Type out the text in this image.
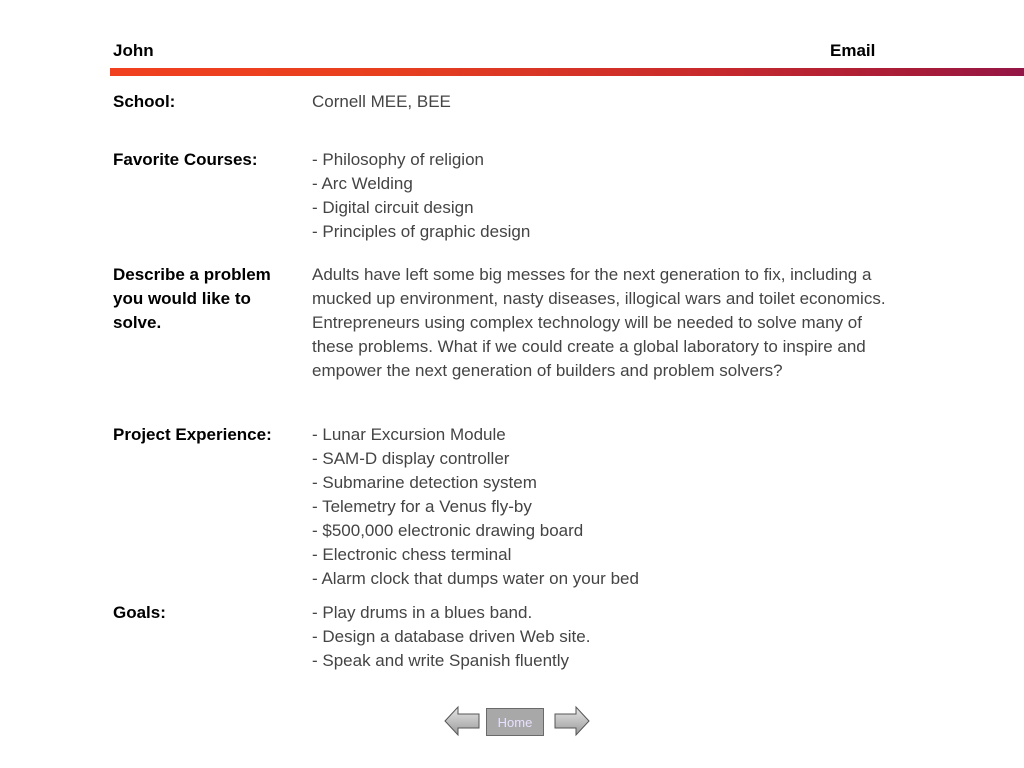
John	Email
School:	Cornell MEE, BEE
Favorite Courses:	- Philosophy of religion
- Arc Welding
- Digital circuit design
- Principles of graphic design
Describe a problem you would like to solve.
Adults have left some big messes for the next generation to fix, including a mucked up environment, nasty diseases, illogical wars and toilet economics. Entrepreneurs using complex technology will be needed to solve many of these problems. What if we could create a global laboratory to inspire and empower the next generation of builders and problem solvers?
Project Experience:	- Lunar Excursion Module
- SAM-D display controller
- Submarine detection system
- Telemetry for a Venus fly-by
- $500,000 electronic drawing board
- Electronic chess terminal
- Alarm clock that dumps water on your bed
Goals:	- Play drums in a blues band.
- Design a database driven Web site.
- Speak and write Spanish fluently
Home
